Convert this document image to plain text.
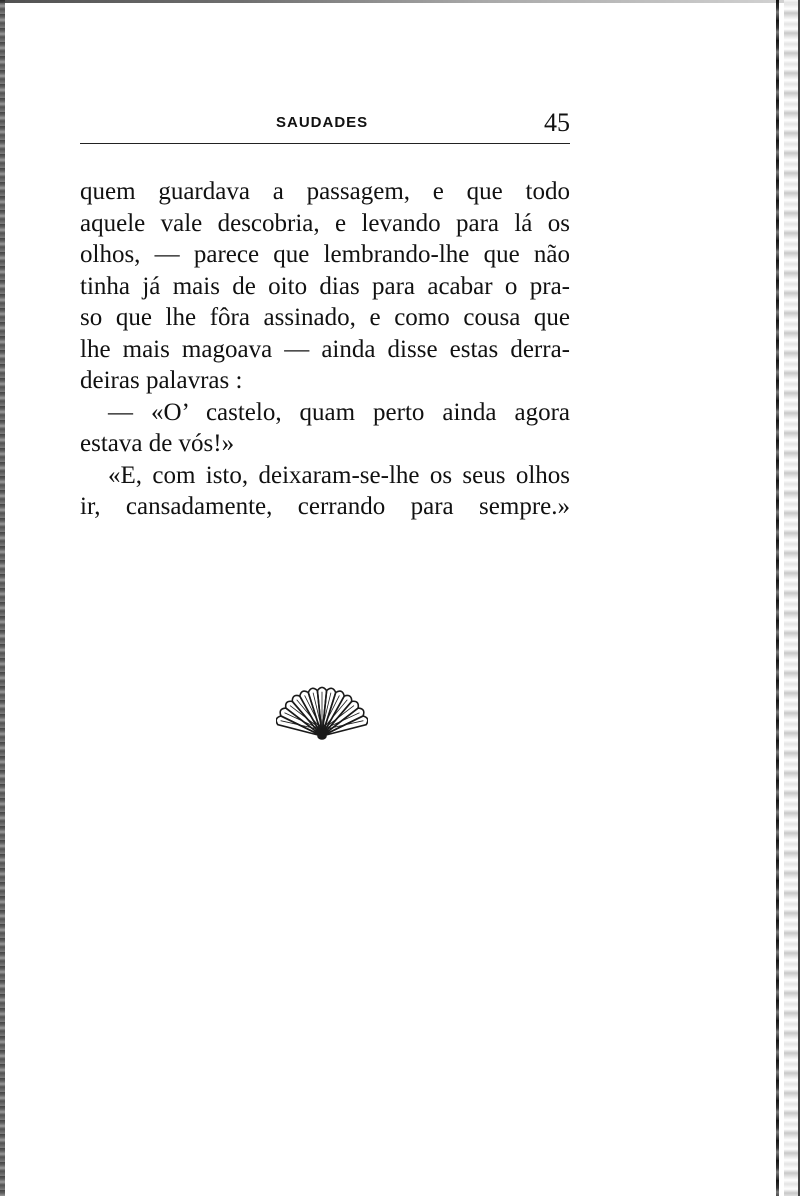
SAUDADES	45

quem guardava a passagem, e que todo
aquele vale descobria, e levando para lá os
olhos, — parece que lembrando-lhe que não
tinha já mais de oito dias para acabar o pra-
so que lhe fôra assinado, e como cousa que
lhe mais magoava — ainda disse estas derra-
deiras palavras :

— «O’ castelo, quam perto ainda agora
estava de vós!»

«E, com isto, deixaram-se-lhe os seus olhos
ir, cansadamente, cerrando para sempre.»
